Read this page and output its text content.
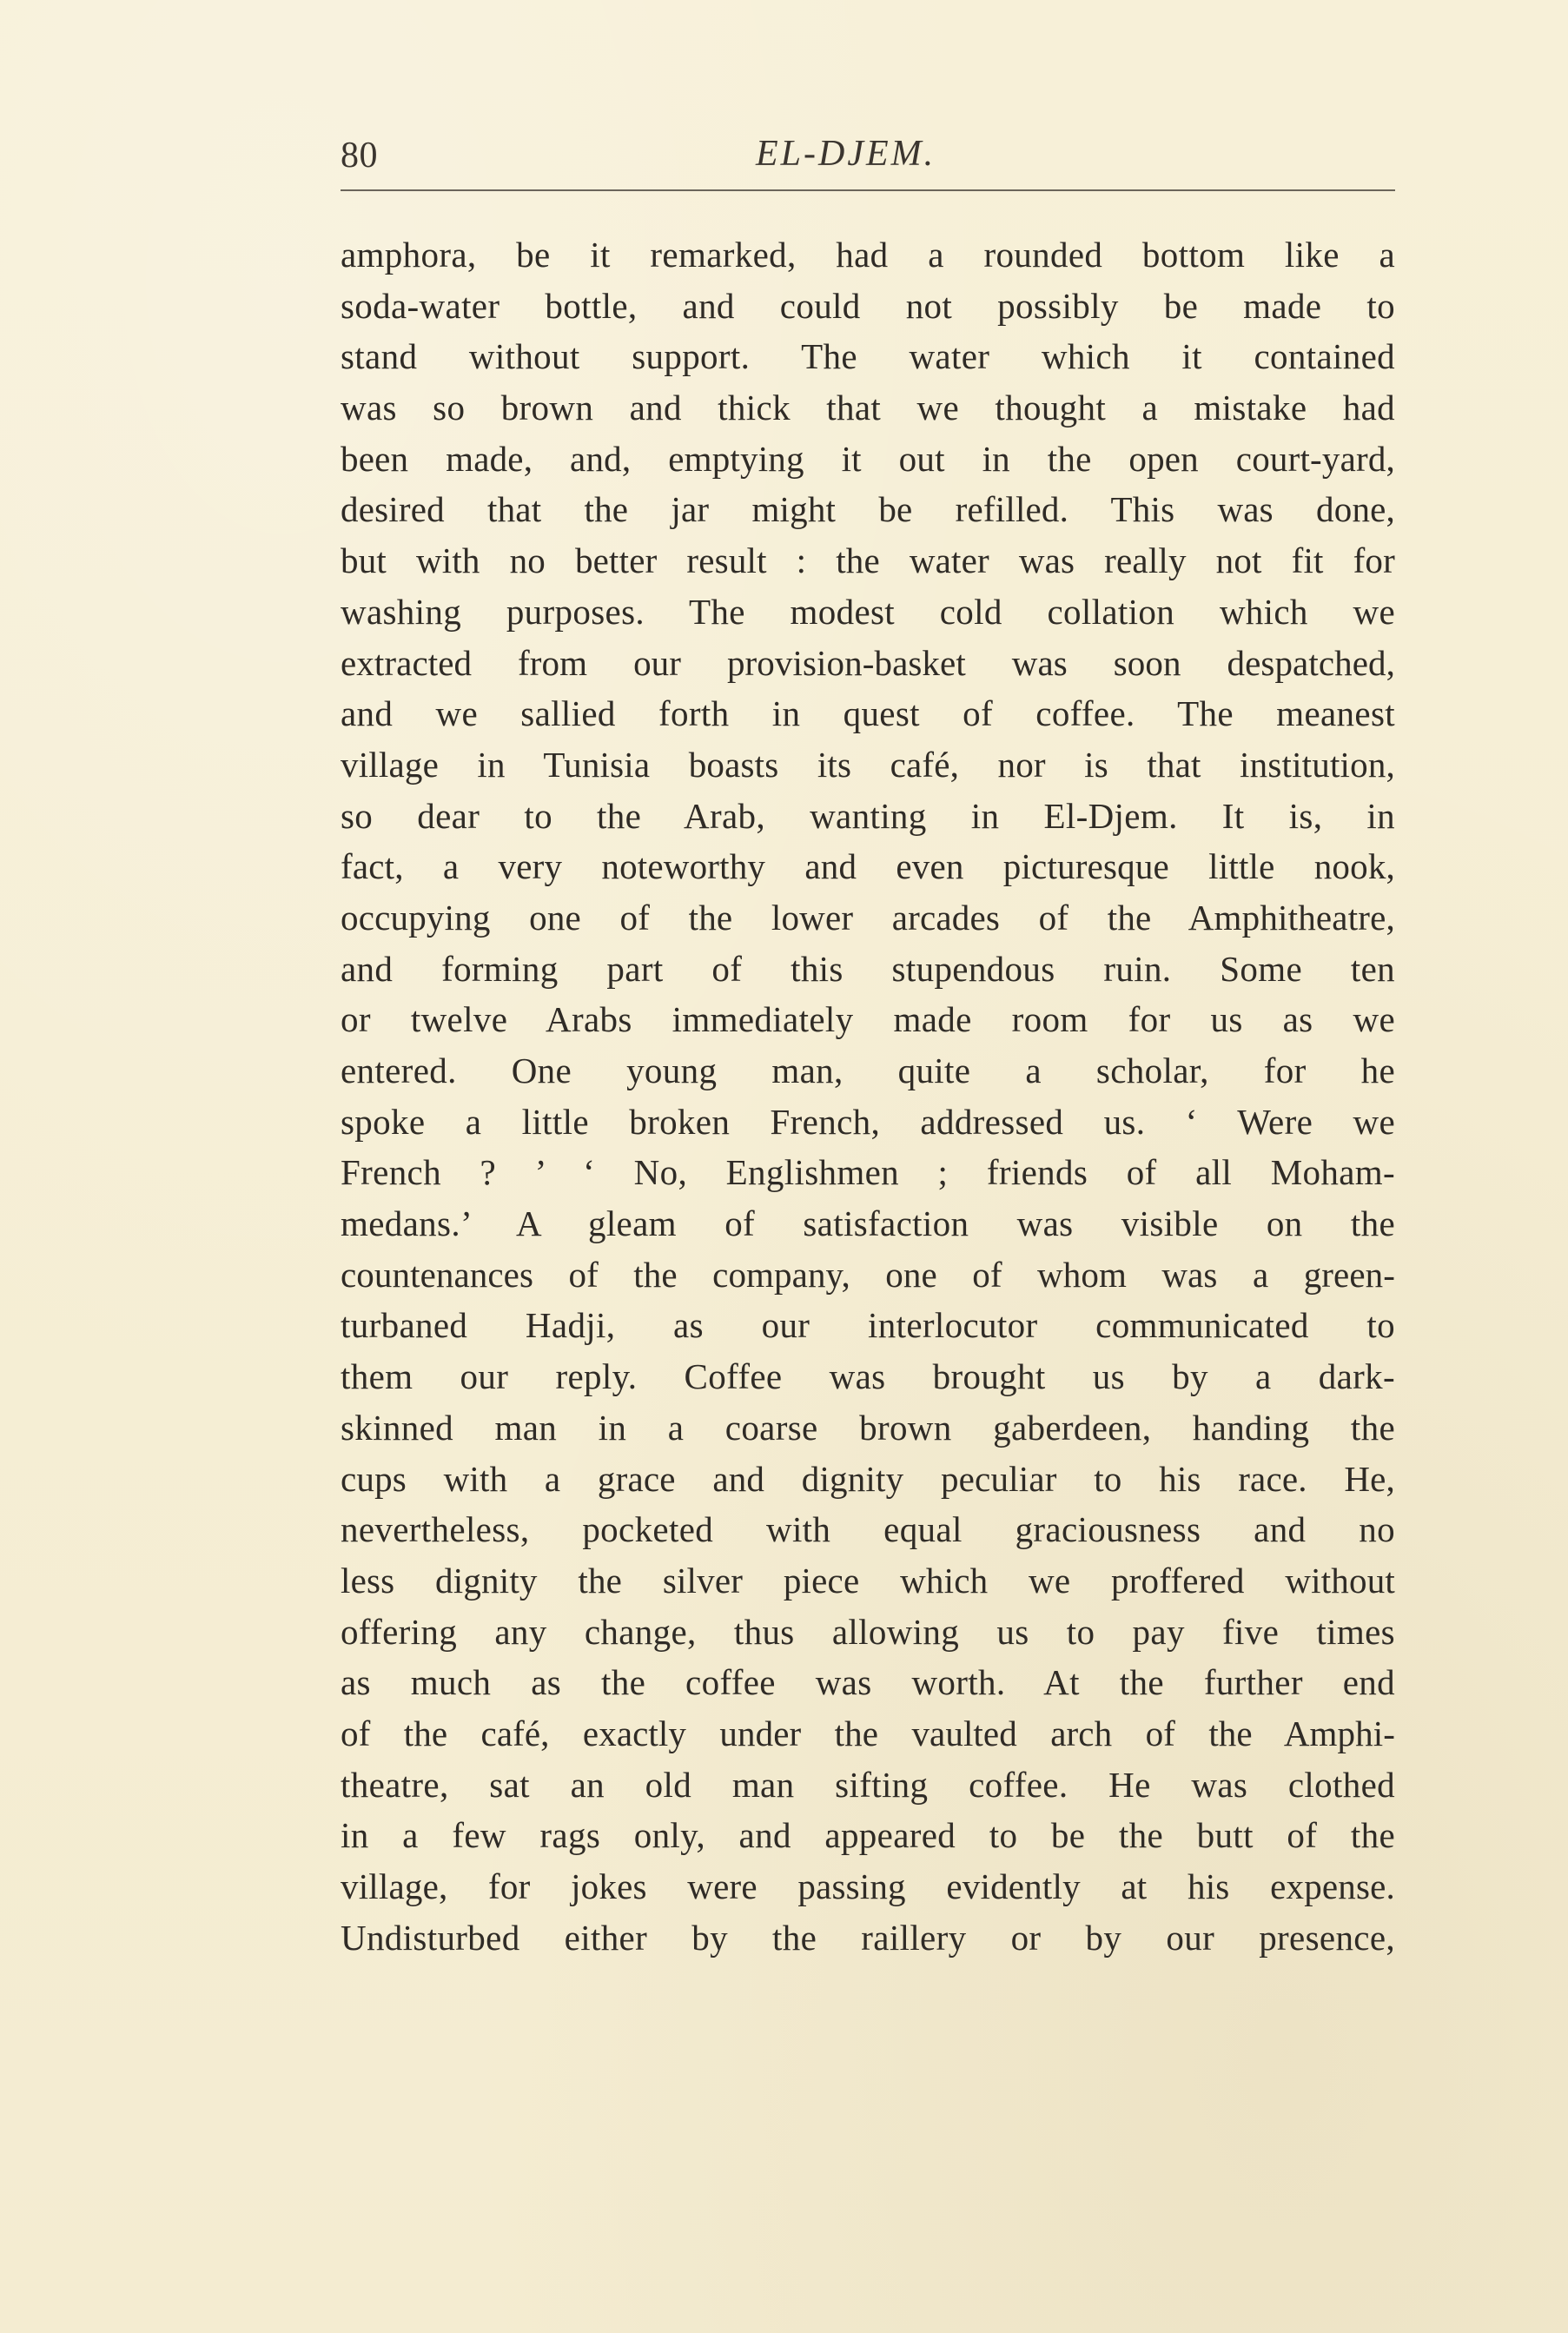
80	EL-DJEM.
amphora, be it remarked, had a rounded bottom like a
soda-water bottle, and could not possibly be made to
stand without support. The water which it contained
was so brown and thick that we thought a mistake had
been made, and, emptying it out in the open court-yard,
desired that the jar might be refilled. This was done,
but with no better result : the water was really not fit for
washing purposes. The modest cold collation which we
extracted from our provision-basket was soon despatched,
and we sallied forth in quest of coffee. The meanest
village in Tunisia boasts its café, nor is that institution,
so dear to the Arab, wanting in El-Djem. It is, in
fact, a very noteworthy and even picturesque little nook,
occupying one of the lower arcades of the Amphitheatre,
and forming part of this stupendous ruin. Some ten
or twelve Arabs immediately made room for us as we
entered. One young man, quite a scholar, for he
spoke a little broken French, addressed us. ‘ Were we
French ? ’ ‘ No, Englishmen ; friends of all Moham-
medans.’ A gleam of satisfaction was visible on the
countenances of the company, one of whom was a green-
turbaned Hadji, as our interlocutor communicated to
them our reply. Coffee was brought us by a dark-
skinned man in a coarse brown gaberdeen, handing the
cups with a grace and dignity peculiar to his race. He,
nevertheless, pocketed with equal graciousness and no
less dignity the silver piece which we proffered without
offering any change, thus allowing us to pay five times
as much as the coffee was worth. At the further end
of the café, exactly under the vaulted arch of the Amphi-
theatre, sat an old man sifting coffee. He was clothed
in a few rags only, and appeared to be the butt of the
village, for jokes were passing evidently at his expense.
Undisturbed either by the raillery or by our presence,
